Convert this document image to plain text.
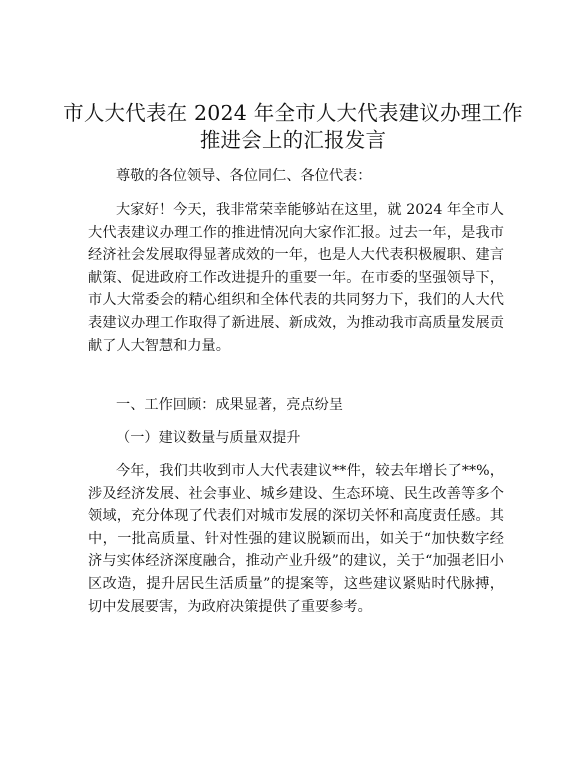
市人大代表在 2024 年全市人大代表建议办理工作推进会上的汇报发言

尊敬的各位领导、各位同仁、各位代表：

大家好！今天，我非常荣幸能够站在这里，就 2024 年全市人大代表建议办理工作的推进情况向大家作汇报。过去一年，是我市经济社会发展取得显著成效的一年，也是人大代表积极履职、建言献策、促进政府工作改进提升的重要一年。在市委的坚强领导下，市人大常委会的精心组织和全体代表的共同努力下，我们的人大代表建议办理工作取得了新进展、新成效，为推动我市高质量发展贡献了人大智慧和力量。

一、工作回顾：成果显著，亮点纷呈

（一）建议数量与质量双提升

今年，我们共收到市人大代表建议**件，较去年增长了**%，涉及经济发展、社会事业、城乡建设、生态环境、民生改善等多个领域，充分体现了代表们对城市发展的深切关怀和高度责任感。其中，一批高质量、针对性强的建议脱颖而出，如关于“加快数字经济与实体经济深度融合，推动产业升级”的建议，关于“加强老旧小区改造，提升居民生活质量”的提案等，这些建议紧贴时代脉搏，切中发展要害，为政府决策提供了重要参考。
